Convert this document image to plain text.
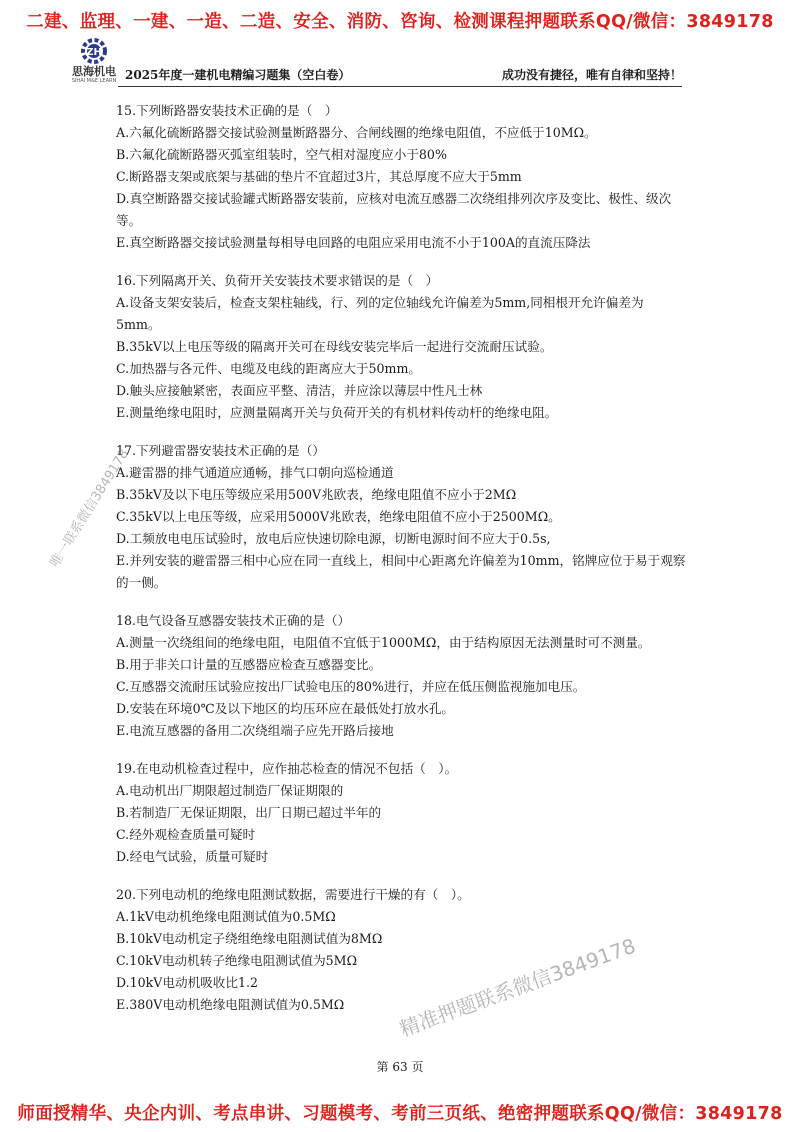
二建、监理、一建、一造、二造、安全、消防、咨询、检测课程押题联系QQ/微信：3849178
ZH
思海机电
SIHAI M&E LEARN 2025年度一建机电精编习题集（空白卷）	成功没有捷径，唯有自律和坚持！

15.下列断路器安装技术正确的是（　）

A.六氟化硫断路器交接试验测量断路器分、合闸线圈的绝缘电阻值，不应低于10MΩ。

B.六氟化硫断路器灭弧室组装时，空气相对湿度应小于80%

C.断路器支架或底架与基础的垫片不宜超过3片，其总厚度不应大于5mm

D.真空断路器交接试验罐式断路器安装前，应核对电流互感器二次绕组排列次序及变比、极性、级次等。

E.真空断路器交接试验测量每相导电回路的电阻应采用电流不小于100A的直流压降法

16.下列隔离开关、负荷开关安装技术要求错误的是（　）

A.设备支架安装后，检查支架柱轴线，行、列的定位轴线允许偏差为5mm,同相根开允许偏差为5mm。

B.35kV以上电压等级的隔离开关可在母线安装完毕后一起进行交流耐压试验。

C.加热器与各元件、电缆及电线的距离应大于50mm。

D.触头应接触紧密，表面应平整、清洁，并应涂以薄层中性凡士林

E.测量绝缘电阻时，应测量隔离开关与负荷开关的有机材料传动杆的绝缘电阻。

17.下列避雷器安装技术正确的是（）

A.避雷器的排气通道应通畅，排气口朝向巡检通道

B.35kV及以下电压等级应采用500V兆欧表，绝缘电阻值不应小于2MΩ

C.35kV以上电压等级，应采用5000V兆欧表，绝缘电阻值不应小于2500MΩ。

D.工频放电电压试验时，放电后应快速切除电源，切断电源时间不应大于0.5s,

E.并列安装的避雷器三相中心应在同一直线上，相间中心距离允许偏差为10mm，铭牌应位于易于观察的一侧。

18.电气设备互感器安装技术正确的是（）

A.测量一次绕组间的绝缘电阻，电阻值不宜低于1000MΩ，由于结构原因无法测量时可不测量。

B.用于非关口计量的互感器应检查互感器变比。

C.互感器交流耐压试验应按出厂试验电压的80%进行，并应在低压侧监视施加电压。

D.安装在环境0℃及以下地区的均压环应在最低处打放水孔。

E.电流互感器的备用二次绕组端子应先开路后接地

19.在电动机检查过程中，应作抽芯检查的情况不包括（　）。

A.电动机出厂期限超过制造厂保证期限的

B.若制造厂无保证期限，出厂日期已超过半年的

C.经外观检查质量可疑时

D.经电气试验，质量可疑时

20.下列电动机的绝缘电阻测试数据，需要进行干燥的有（　）。

A.1kV电动机绝缘电阻测试值为0.5MΩ

B.10kV电动机定子绕组绝缘电阻测试值为8MΩ

C.10kV电动机转子绝缘电阻测试值为5MΩ

D.10kV电动机吸收比1.2

E.380V电动机绝缘电阻测试值为0.5MΩ

唯一联系微信3849178
精准押题联系微信3849178
第 63 页
师面授精华、央企内训、考点串讲、习题模考、考前三页纸、绝密押题联系QQ/微信：3849178
